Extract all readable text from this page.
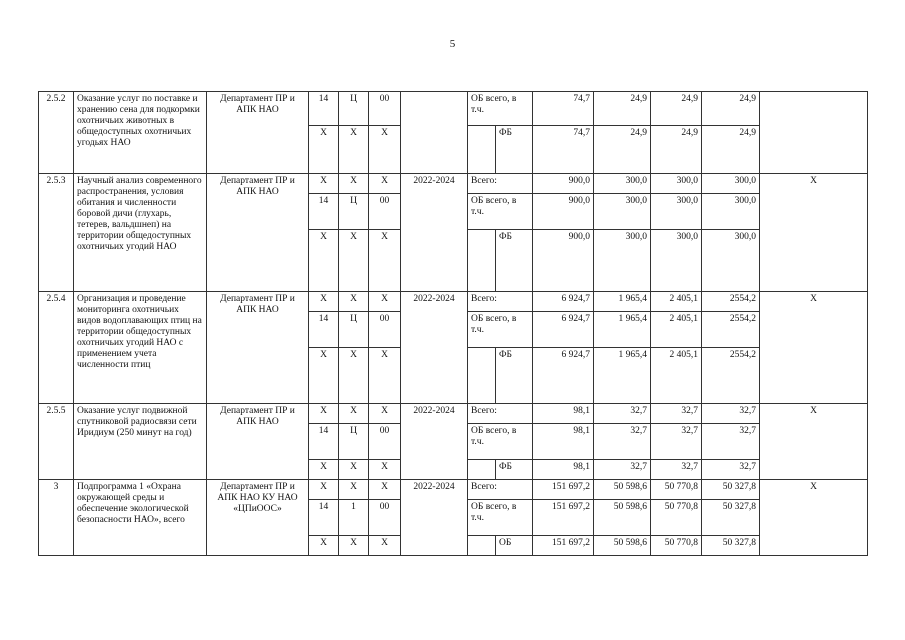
5
2.5.2	Оказание услуг по поставке и хранению сена для подкормки охотничьих животных в общедоступных охотничьих угодьях НАО	Департамент ПР и АПК НАО	14	Ц	00		ОБ всего, в т.ч.		74,7	24,9	24,9	24,9	
			Х	Х	Х			ФБ	74,7	24,9	24,9	24,9	
2.5.3	Научный анализ современного распространения, условия обитания и численности боровой дичи (глухарь, тетерев, вальдшнеп) на территории общедоступных охотничьих угодий НАО	Департамент ПР и АПК НАО	Х	Х	Х	2022-2024	Всего:		900,0	300,0	300,0	300,0	Х
			14	Ц	00		ОБ всего, в т.ч.		900,0	300,0	300,0	300,0	
			Х	Х	Х			ФБ	900,0	300,0	300,0	300,0	
2.5.4	Организация и проведение мониторинга охотничьих видов водоплавающих птиц на территории общедоступных охотничьих угодий НАО с применением учета численности птиц	Департамент ПР и АПК НАО	Х	Х	Х	2022-2024	Всего:		6 924,7	1 965,4	2 405,1	2554,2	Х
			14	Ц	00		ОБ всего, в т.ч.		6 924,7	1 965,4	2 405,1	2554,2	
			Х	Х	Х			ФБ	6 924,7	1 965,4	2 405,1	2554,2	
2.5.5	Оказание услуг подвижной спутниковой радиосвязи сети Иридиум (250 минут на год)	Департамент ПР и АПК НАО	Х	Х	Х	2022-2024	Всего:		98,1	32,7	32,7	32,7	Х
			14	Ц	00		ОБ всего, в т.ч.		98,1	32,7	32,7	32,7	
			Х	Х	Х			ФБ	98,1	32,7	32,7	32,7	
3	Подпрограмма 1 «Охрана окружающей среды и обеспечение экологической безопасности НАО», всего	Департамент ПР и АПК НАО КУ НАО «ЦПиООС»	Х	Х	Х	2022-2024	Всего:		151 697,2	50 598,6	50 770,8	50 327,8	Х
			14	1	00		ОБ всего, в т.ч.		151 697,2	50 598,6	50 770,8	50 327,8	
			Х	Х	Х			ОБ	151 697,2	50 598,6	50 770,8	50 327,8	
